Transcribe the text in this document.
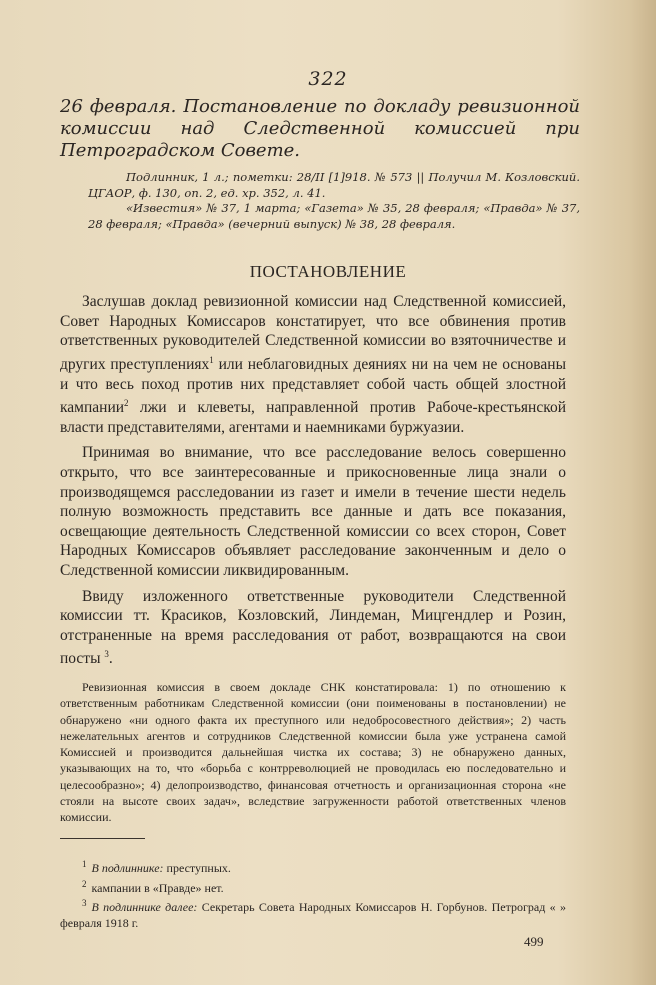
322
26 февраля. Постановление по докладу ревизионной комиссии над Следственной комиссией при Петроградском Совете.

Подлинник, 1 л.; пометки: 28/II [1]918. № 573 || Получил М. Козловский. ЦГАОР, ф. 130, оп. 2, ед. хр. 352, л. 41.

«Известия» № 37, 1 марта; «Газета» № 35, 28 февраля; «Правда» № 37, 28 февраля; «Правда» (вечерний выпуск) № 38, 28 февраля.

ПОСТАНОВЛЕНИЕ

Заслушав доклад ревизионной комиссии над Следственной комиссией, Совет Народных Комиссаров констатирует, что все обвинения против ответственных руководителей Следственной комиссии во взяточничестве и других преступлениях$^1$ или неблаговидных деяниях ни на чем не основаны и что весь поход против них представляет собой часть общей злостной кампании$^2$ лжи и клеветы, направленной против Рабоче-крестьянской власти представителями, агентами и наемниками буржуазии.

Принимая во внимание, что все расследование велось совершенно открыто, что все заинтересованные и прикосновенные лица знали о производящемся расследовании из газет и имели в течение шести недель полную возможность представить все данные и дать все показания, освещающие деятельность Следственной комиссии со всех сторон, Совет Народных Комиссаров объявляет расследование законченным и дело о Следственной комиссии ликвидированным.

Ввиду изложенного ответственные руководители Следственной комиссии тт. Красиков, Козловский, Линдеман, Мицгендлер и Розин, отстраненные на время расследования от работ, возвращаются на свои посты $^3$.

Ревизионная комиссия в своем докладе СНК констатировала: 1) по отношению к ответственным работникам Следственной комиссии (они поименованы в постановлении) не обнаружено «ни одного факта их преступного или недобросовестного действия»; 2) часть нежелательных агентов и сотрудников Следственной комиссии была уже устранена самой Комиссией и производится дальнейшая чистка их состава; 3) не обнаружено данных, указывающих на то, что «борьба с контрреволюцией не проводилась ею последовательно и целесообразно»; 4) делопроизводство, финансовая отчетность и организационная сторона «не стояли на высоте своих задач», вследствие загруженности работой ответственных членов комиссии.

$^1$ В подлиннике: преступных.

$^2$ кампании в «Правде» нет.

$^3$ В подлиннике далее: Секретарь Совета Народных Комиссаров Н. Горбунов. Петроград « » февраля 1918 г.

499
